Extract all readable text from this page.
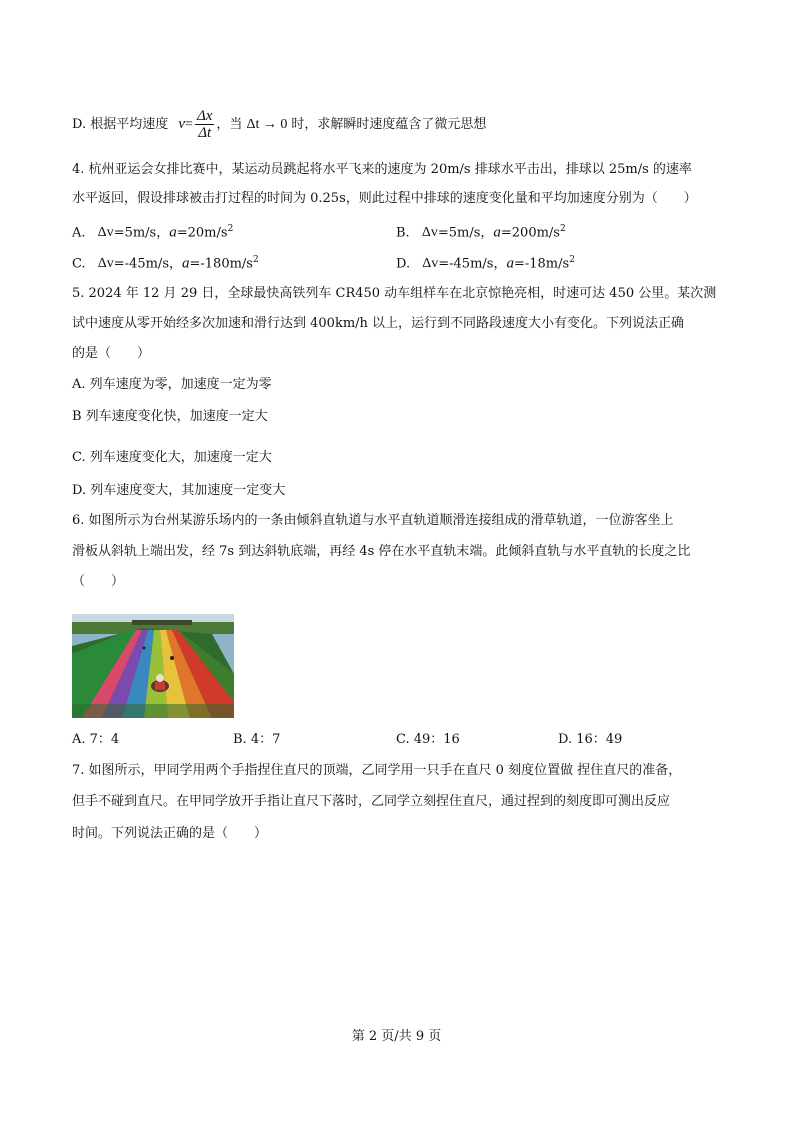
D. 根据平均速度 $v= \frac{\Delta x}{\Delta t}$ ，当 Δt → 0 时，求解瞬时速度蕴含了微元思想
4. 杭州亚运会女排比赛中，某运动员跳起将水平飞来的速度为 20m/s 排球水平击出，排球以 25m/s 的速率
水平返回，假设排球被击打过程的时间为 0.25s，则此过程中排球的速度变化量和平均加速度分别为（　　）
A. Δv=5m/s，$a=20m/s^2$	B. Δv=5m/s，$a=200m/s^2$
C. Δv=-45m/s，$a=-180m/s^2$	D. Δv=-45m/s，$a=-18m/s^2$
5. 2024 年 12 月 29 日，全球最快高铁列车 CR450 动车组样车在北京惊艳亮相，时速可达 450 公里。某次测
试中速度从零开始经多次加速和滑行达到 400km/h 以上，运行到不同路段速度大小有变化。下列说法正确
的是（　　）
A. 列车速度为零，加速度一定为零
B 列车速度变化快，加速度一定大
C. 列车速度变化大，加速度一定大
D. 列车速度变大，其加速度一定变大
6. 如图所示为台州某游乐场内的一条由倾斜直轨道与水平直轨道顺滑连接组成的滑草轨道，一位游客坐上
滑板从斜轨上端出发，经 7s 到达斜轨底端，再经 4s 停在水平直轨末端。此倾斜直轨与水平直轨的长度之比
（　　）
A. 7：4	B. 4：7	C. 49：16	D. 16：49
7. 如图所示，甲同学用两个手指捏住直尺的顶端，乙同学用一只手在直尺 0 刻度位置做 捏住直尺的准备，
但手不碰到直尺。在甲同学放开手指让直尺下落时，乙同学立刻捏住直尺，通过捏到的刻度即可测出反应
时间。下列说法正确的是（　　）
第 2 页/共 9 页
